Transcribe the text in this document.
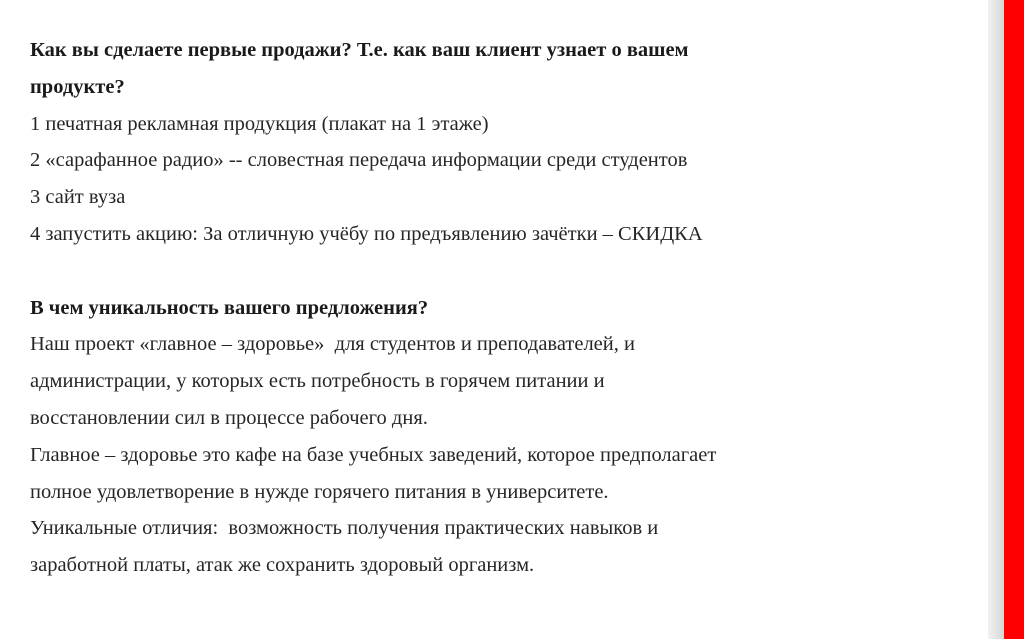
Как вы сделаете первые продажи? Т.е. как ваш клиент узнает о вашем

продукте?

1 печатная рекламная продукция (плакат на 1 этаже)

2 «сарафанное радио» -- словестная передача информации среди студентов

3 сайт вуза

4 запустить акцию: За отличную учёбу по предъявлению зачётки – СКИДКА

В чем уникальность вашего предложения?

Наш проект «главное – здоровье»  для студентов и преподавателей, и

администрации, у которых есть потребность в горячем питании и

восстановлении сил в процессе рабочего дня.

Главное – здоровье это кафе на базе учебных заведений, которое предполагает

полное удовлетворение в нужде горячего питания в университете.

Уникальные отличия:  возможность получения практических навыков и

заработной платы, атак же сохранить здоровый организм.
